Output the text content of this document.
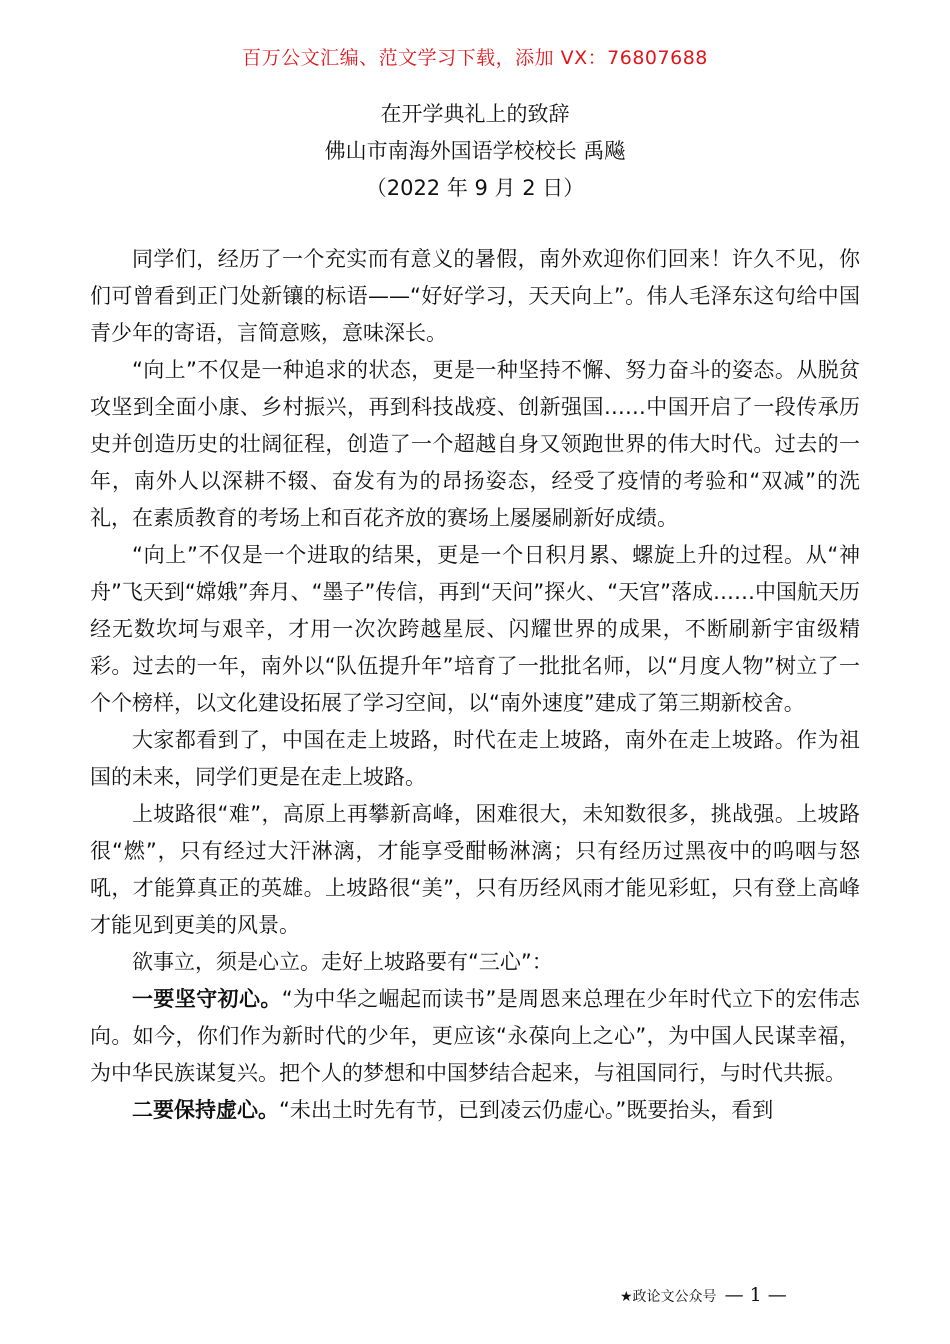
百万公文汇编、范文学习下载，添加 VX：76807688
在开学典礼上的致辞
佛山市南海外国语学校校长 禹飚
（2022 年 9 月 2 日）

同学们，经历了一个充实而有意义的暑假，南外欢迎你们回来！许久不见，你们可曾看到正门处新镶的标语——“好好学习，天天向上”。伟人毛泽东这句给中国青少年的寄语，言简意赅，意味深长。

“向上”不仅是一种追求的状态，更是一种坚持不懈、努力奋斗的姿态。从脱贫攻坚到全面小康、乡村振兴，再到科技战疫、创新强国……中国开启了一段传承历史并创造历史的壮阔征程，创造了一个超越自身又领跑世界的伟大时代。过去的一年，南外人以深耕不辍、奋发有为的昂扬姿态，经受了疫情的考验和“双减”的洗礼，在素质教育的考场上和百花齐放的赛场上屡屡刷新好成绩。

“向上”不仅是一个进取的结果，更是一个日积月累、螺旋上升的过程。从“神舟”飞天到“嫦娥”奔月、“墨子”传信，再到“天问”探火、“天宫”落成……中国航天历经无数坎坷与艰辛，才用一次次跨越星辰、闪耀世界的成果，不断刷新宇宙级精彩。过去的一年，南外以“队伍提升年”培育了一批批名师，以“月度人物”树立了一个个榜样，以文化建设拓展了学习空间，以“南外速度”建成了第三期新校舍。

大家都看到了，中国在走上坡路，时代在走上坡路，南外在走上坡路。作为祖国的未来，同学们更是在走上坡路。

上坡路很“难”，高原上再攀新高峰，困难很大，未知数很多，挑战强。上坡路很“燃”，只有经过大汗淋漓，才能享受酣畅淋漓；只有经历过黑夜中的呜咽与怒吼，才能算真正的英雄。上坡路很“美”，只有历经风雨才能见彩虹，只有登上高峰才能见到更美的风景。

欲事立，须是心立。走好上坡路要有“三心”：

一要坚守初心。“为中华之崛起而读书”是周恩来总理在少年时代立下的宏伟志向。如今，你们作为新时代的少年，更应该“永葆向上之心”，为中国人民谋幸福，为中华民族谋复兴。把个人的梦想和中国梦结合起来，与祖国同行，与时代共振。

二要保持虚心。“未出土时先有节，已到凌云仍虚心。”既要抬头，看到

★政论文公众号 — 1 —
